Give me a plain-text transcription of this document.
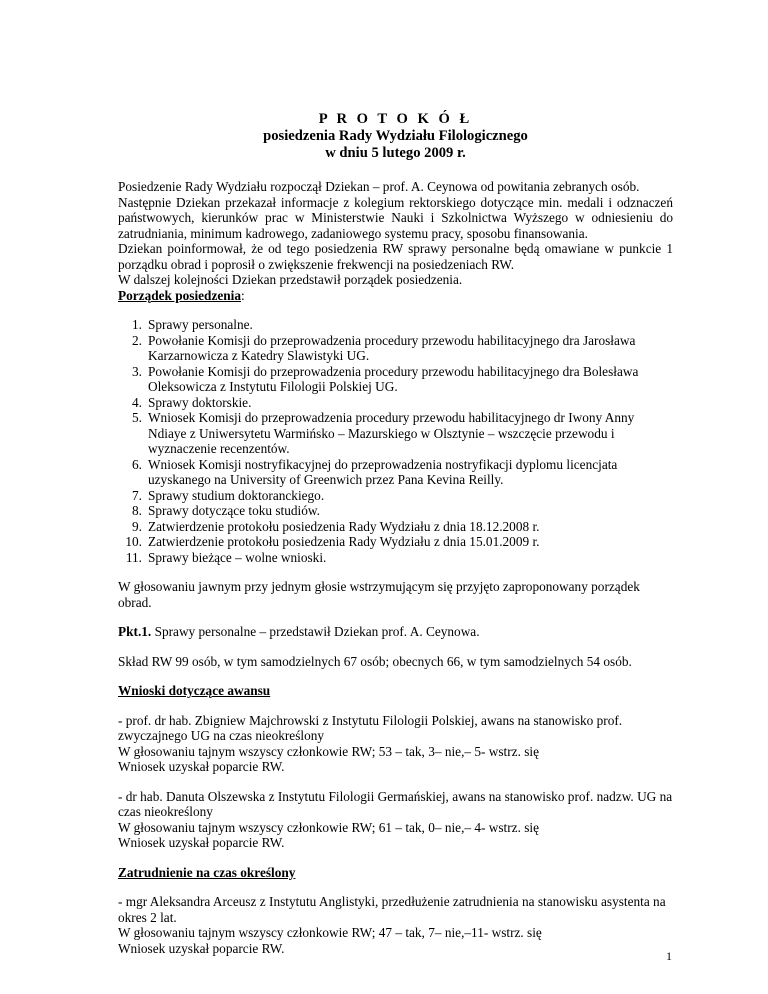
P R O T O K Ó Ł
posiedzenia Rady Wydziału Filologicznego
w dniu 5 lutego 2009 r.

Posiedzenie Rady Wydziału rozpoczął Dziekan – prof. A. Ceynowa od powitania zebranych osób.

Następnie Dziekan przekazał informacje z kolegium rektorskiego dotyczące min. medali i odznaczeń państwowych, kierunków prac w Ministerstwie Nauki i Szkolnictwa Wyższego w odniesieniu do zatrudniania, minimum kadrowego, zadaniowego systemu pracy, sposobu finansowania.

Dziekan poinformował, że od tego posiedzenia RW sprawy personalne będą omawiane w punkcie 1 porządku obrad i poprosił o zwiększenie frekwencji na posiedzeniach RW.

W dalszej kolejności Dziekan przedstawił porządek posiedzenia.

Porządek posiedzenia:

1. Sprawy personalne.
2. Powołanie Komisji do przeprowadzenia procedury przewodu habilitacyjnego dra Jarosława Karzarnowicza z Katedry Slawistyki UG.
3. Powołanie Komisji do przeprowadzenia procedury przewodu habilitacyjnego dra Bolesława Oleksowicza z Instytutu Filologii Polskiej UG.
4. Sprawy doktorskie.
5. Wniosek Komisji do przeprowadzenia procedury przewodu habilitacyjnego dr Iwony Anny Ndiaye z Uniwersytetu Warmińsko – Mazurskiego w Olsztynie – wszczęcie przewodu i wyznaczenie recenzentów.
6. Wniosek Komisji nostryfikacyjnej do przeprowadzenia nostryfikacji dyplomu licencjata uzyskanego na University of Greenwich przez Pana Kevina Reilly.
7. Sprawy studium doktoranckiego.
8. Sprawy dotyczące toku studiów.
9. Zatwierdzenie protokołu posiedzenia Rady Wydziału z dnia 18.12.2008 r.
10. Zatwierdzenie protokołu posiedzenia Rady Wydziału z dnia 15.01.2009 r.
11. Sprawy bieżące – wolne wnioski.

W głosowaniu jawnym przy jednym głosie wstrzymującym się przyjęto zaproponowany porządek obrad.

Pkt.1. Sprawy personalne – przedstawił Dziekan prof. A. Ceynowa.

Skład RW 99 osób, w tym samodzielnych 67 osób; obecnych 66, w tym samodzielnych 54 osób.

Wnioski dotyczące awansu

- prof. dr hab. Zbigniew Majchrowski z Instytutu Filologii Polskiej, awans na stanowisko prof. zwyczajnego UG na czas nieokreślony

W głosowaniu tajnym wszyscy członkowie RW; 53 – tak, 3– nie,– 5- wstrz. się

Wniosek uzyskał poparcie RW.

- dr hab. Danuta Olszewska z Instytutu Filologii Germańskiej, awans na stanowisko prof. nadzw. UG na czas nieokreślony

W głosowaniu tajnym wszyscy członkowie RW; 61 – tak, 0– nie,– 4- wstrz. się

Wniosek uzyskał poparcie RW.

Zatrudnienie na czas określony

- mgr Aleksandra Arceusz z Instytutu Anglistyki, przedłużenie zatrudnienia na stanowisku asystenta na okres 2 lat.

W głosowaniu tajnym wszyscy członkowie RW; 47 – tak, 7– nie,–11- wstrz. się

Wniosek uzyskał poparcie RW.

1
